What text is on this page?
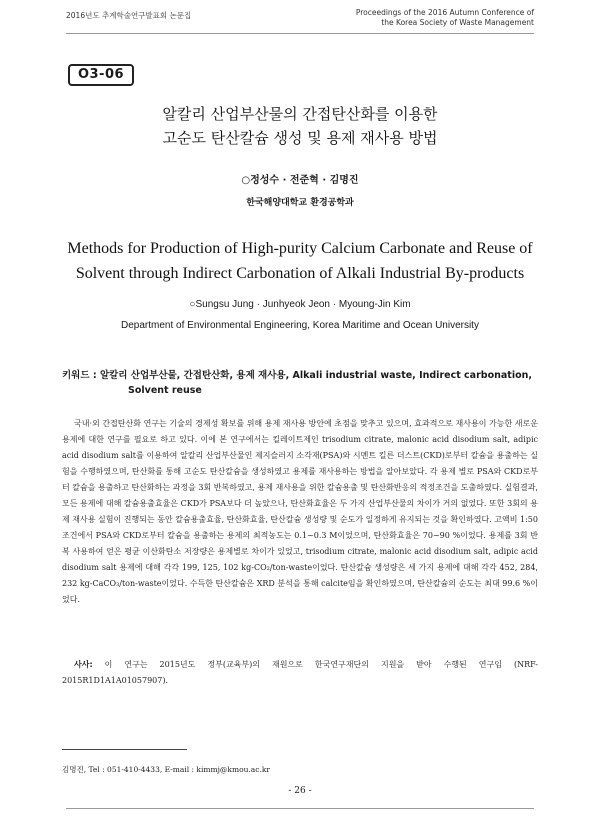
2016년도 추계학술연구발표회 논문집	Proceedings of the 2016 Autumn Conference of
the Korea Society of Waste Management
O3-06
알칼리 산업부산물의 간접탄산화를 이용한
고순도 탄산칼슘 생성 및 용제 재사용 방법
○정성수 · 전준혁 · 김명진
한국해양대학교 환경공학과
Methods for Production of High-purity Calcium Carbonate and Reuse of
Solvent through Indirect Carbonation of Alkali Industrial By-products
○Sungsu Jung · Junhyeok Jeon · Myoung-Jin Kim
Department of Environmental Engineering, Korea Maritime and Ocean University
키워드 : 알칼리 산업부산물, 간접탄산화, 용제 재사용, Alkali industrial waste, Indirect carbonation, Solvent reuse
국내·외 간접탄산화 연구는 기술의 경제성 확보를 위해 용제 재사용 방안에 초점을 맞추고 있으며, 효과적으로 재사용이 가능한 새로운 용제에 대한 연구를 필요로 하고 있다. 이에 본 연구에서는 킬레이트제인 trisodium citrate, malonic acid disodium salt, adipic acid disodium salt를 이용하여 알칼리 산업부산물인 제지슬러지 소각재(PSA)와 시멘트 킬른 더스트(CKD)로부터 칼슘을 용출하는 실험을 수행하였으며, 탄산화를 통해 고순도 탄산칼슘을 생성하였고 용제를 재사용하는 방법을 알아보았다. 각 용제 별로 PSA와 CKD로부터 칼슘을 용출하고 탄산화하는 과정을 3회 반복하였고, 용제 재사용을 위한 칼슘용출 및 탄산화반응의 적정조건을 도출하였다. 실험결과, 모든 용제에 대해 칼슘용출효율은 CKD가 PSA보다 더 높았으나, 탄산화효율은 두 가지 산업부산물의 차이가 거의 없었다. 또한 3회의 용제 재사용 실험이 진행되는 동안 칼슘용출효율, 탄산화효율, 탄산칼슘 생성량 및 순도가 일정하게 유지되는 것을 확인하였다. 고액비 1:50 조건에서 PSA와 CKD로부터 칼슘을 용출하는 용제의 최적농도는 0.1~0.3 M이었으며, 탄산화효율은 70~90 %이었다. 용제를 3회 반복 사용하여 얻은 평균 이산화탄소 저장량은 용제별로 차이가 있었고, trisodium citrate, malonic acid disodium salt, adipic acid disodium salt 용제에 대해 각각 199, 125, 102 kg-CO₂/ton-waste이었다. 탄산칼슘 생성량은 세 가지 용제에 대해 각각 452, 284, 232 kg-CaCO₃/ton-waste이었다. 수득한 탄산칼슘은 XRD 분석을 통해 calcite임을 확인하였으며, 탄산칼슘의 순도는 최대 99.6 %이었다.
사사: 이 연구는 2015년도 정부(교육부)의 재원으로 한국연구재단의 지원을 받아 수행된 연구임 (NRF-2015R1D1A1A01057907).
김명진, Tel : 051-410-4433, E-mail : kimmj@kmou.ac.kr
- 26 -
